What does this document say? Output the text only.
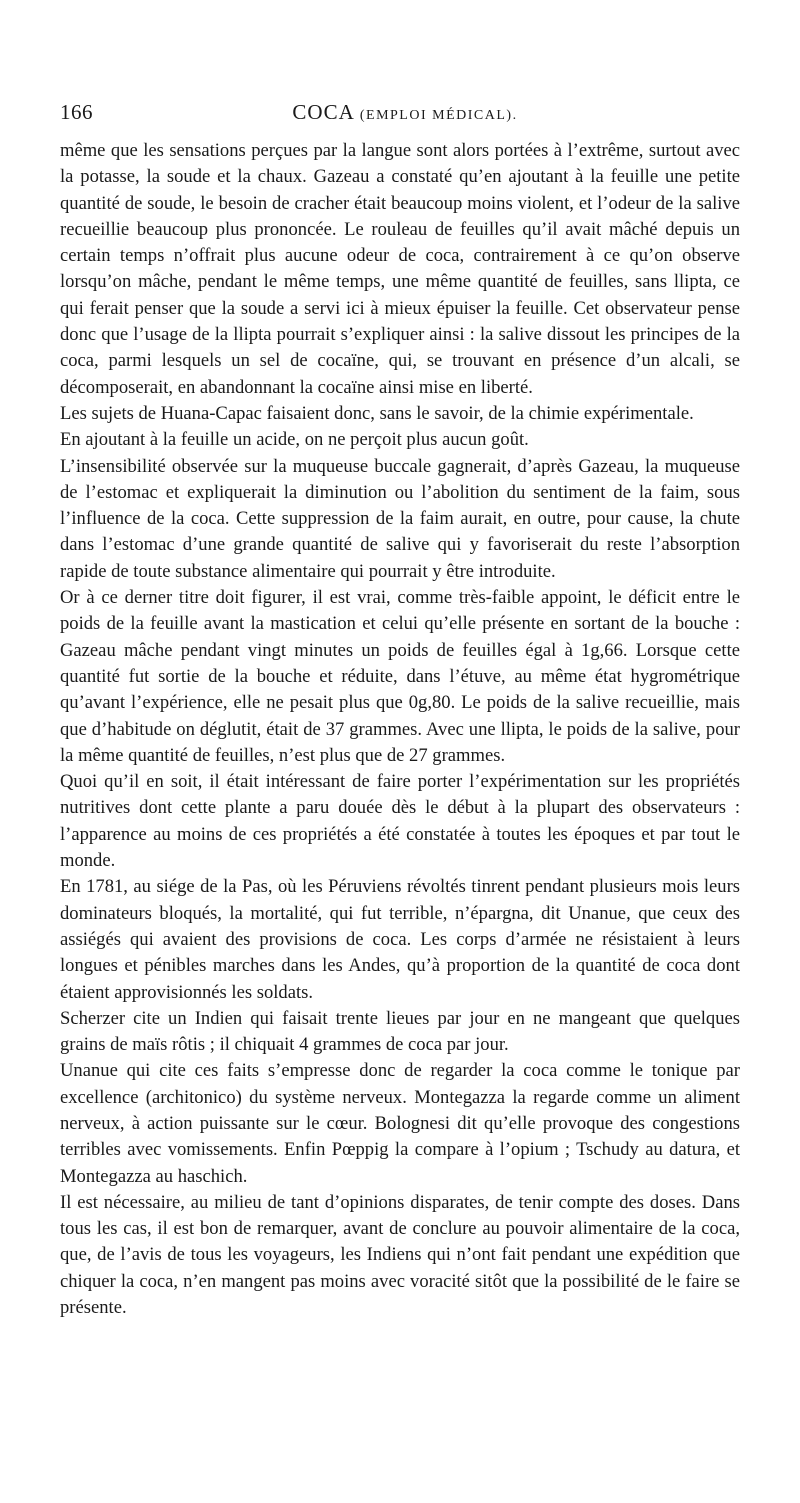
166	COCA (EMPLOI MÉDICAL).

même que les sensations perçues par la langue sont alors portées à l’extrême, surtout avec la potasse, la soude et la chaux. Gazeau a constaté qu’en ajoutant à la feuille une petite quantité de soude, le besoin de cracher était beaucoup moins violent, et l’odeur de la salive recueillie beaucoup plus prononcée. Le rouleau de feuilles qu’il avait mâché depuis un certain temps n’offrait plus aucune odeur de coca, contrairement à ce qu’on observe lorsqu’on mâche, pendant le même temps, une même quantité de feuilles, sans llipta, ce qui ferait penser que la soude a servi ici à mieux épuiser la feuille. Cet observateur pense donc que l’usage de la llipta pourrait s’expliquer ainsi : la salive dissout les principes de la coca, parmi lesquels un sel de cocaïne, qui, se trouvant en présence d’un alcali, se décomposerait, en abandonnant la cocaïne ainsi mise en liberté.

Les sujets de Huana-Capac faisaient donc, sans le savoir, de la chimie expérimentale.

En ajoutant à la feuille un acide, on ne perçoit plus aucun goût.

L’insensibilité observée sur la muqueuse buccale gagnerait, d’après Gazeau, la muqueuse de l’estomac et expliquerait la diminution ou l’abolition du sentiment de la faim, sous l’influence de la coca. Cette suppression de la faim aurait, en outre, pour cause, la chute dans l’estomac d’une grande quantité de salive qui y favoriserait du reste l’absorption rapide de toute substance alimentaire qui pourrait y être introduite.

Or à ce derner titre doit figurer, il est vrai, comme très-faible appoint, le déficit entre le poids de la feuille avant la mastication et celui qu’elle présente en sortant de la bouche : Gazeau mâche pendant vingt minutes un poids de feuilles égal à 1g,66. Lorsque cette quantité fut sortie de la bouche et réduite, dans l’étuve, au même état hygrométrique qu’avant l’expérience, elle ne pesait plus que 0g,80. Le poids de la salive recueillie, mais que d’habitude on déglutit, était de 37 grammes. Avec une llipta, le poids de la salive, pour la même quantité de feuilles, n’est plus que de 27 grammes.

Quoi qu’il en soit, il était intéressant de faire porter l’expérimentation sur les propriétés nutritives dont cette plante a paru douée dès le début à la plupart des observateurs : l’apparence au moins de ces propriétés a été constatée à toutes les époques et par tout le monde.

En 1781, au siége de la Pas, où les Péruviens révoltés tinrent pendant plusieurs mois leurs dominateurs bloqués, la mortalité, qui fut terrible, n’épargna, dit Unanue, que ceux des assiégés qui avaient des provisions de coca. Les corps d’armée ne résistaient à leurs longues et pénibles marches dans les Andes, qu’à proportion de la quantité de coca dont étaient approvisionnés les soldats.

Scherzer cite un Indien qui faisait trente lieues par jour en ne mangeant que quelques grains de maïs rôtis ; il chiquait 4 grammes de coca par jour.

Unanue qui cite ces faits s’empresse donc de regarder la coca comme le tonique par excellence (architonico) du système nerveux. Montegazza la regarde comme un aliment nerveux, à action puissante sur le cœur. Bolognesi dit qu’elle provoque des congestions terribles avec vomissements. Enfin Pœppig la compare à l’opium ; Tschudy au datura, et Montegazza au haschich.

Il est nécessaire, au milieu de tant d’opinions disparates, de tenir compte des doses. Dans tous les cas, il est bon de remarquer, avant de conclure au pouvoir alimentaire de la coca, que, de l’avis de tous les voyageurs, les Indiens qui n’ont fait pendant une expédition que chiquer la coca, n’en mangent pas moins avec voracité sitôt que la possibilité de le faire se présente.
